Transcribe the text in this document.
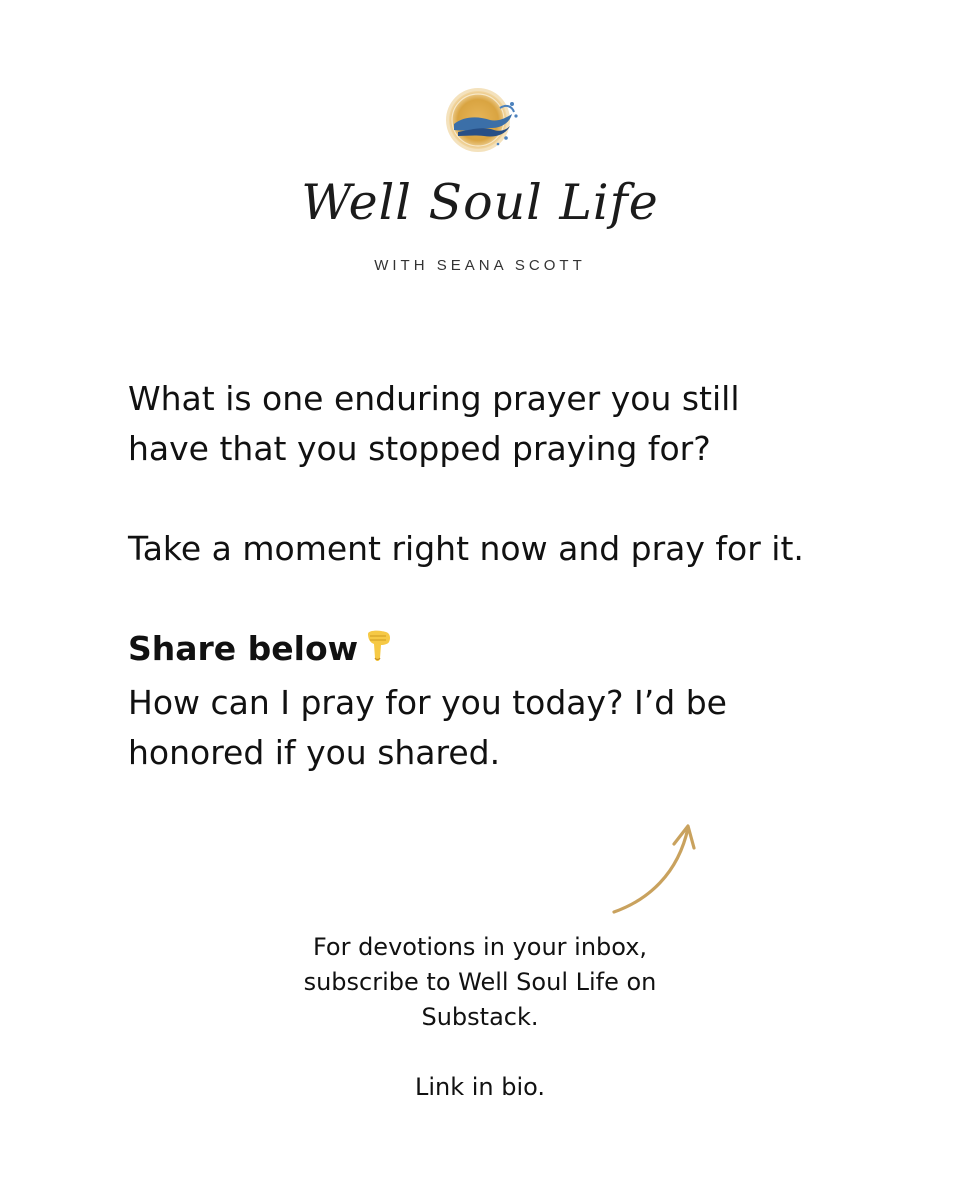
Well Soul Life
WITH SEANA SCOTT

What is one enduring prayer you still

have that you stopped praying for?

Take a moment right now and pray for it.

Share below

How can I pray for you today? I’d be

honored if you shared.

For devotions in your inbox,

subscribe to Well Soul Life on

Substack.

Link in bio.
